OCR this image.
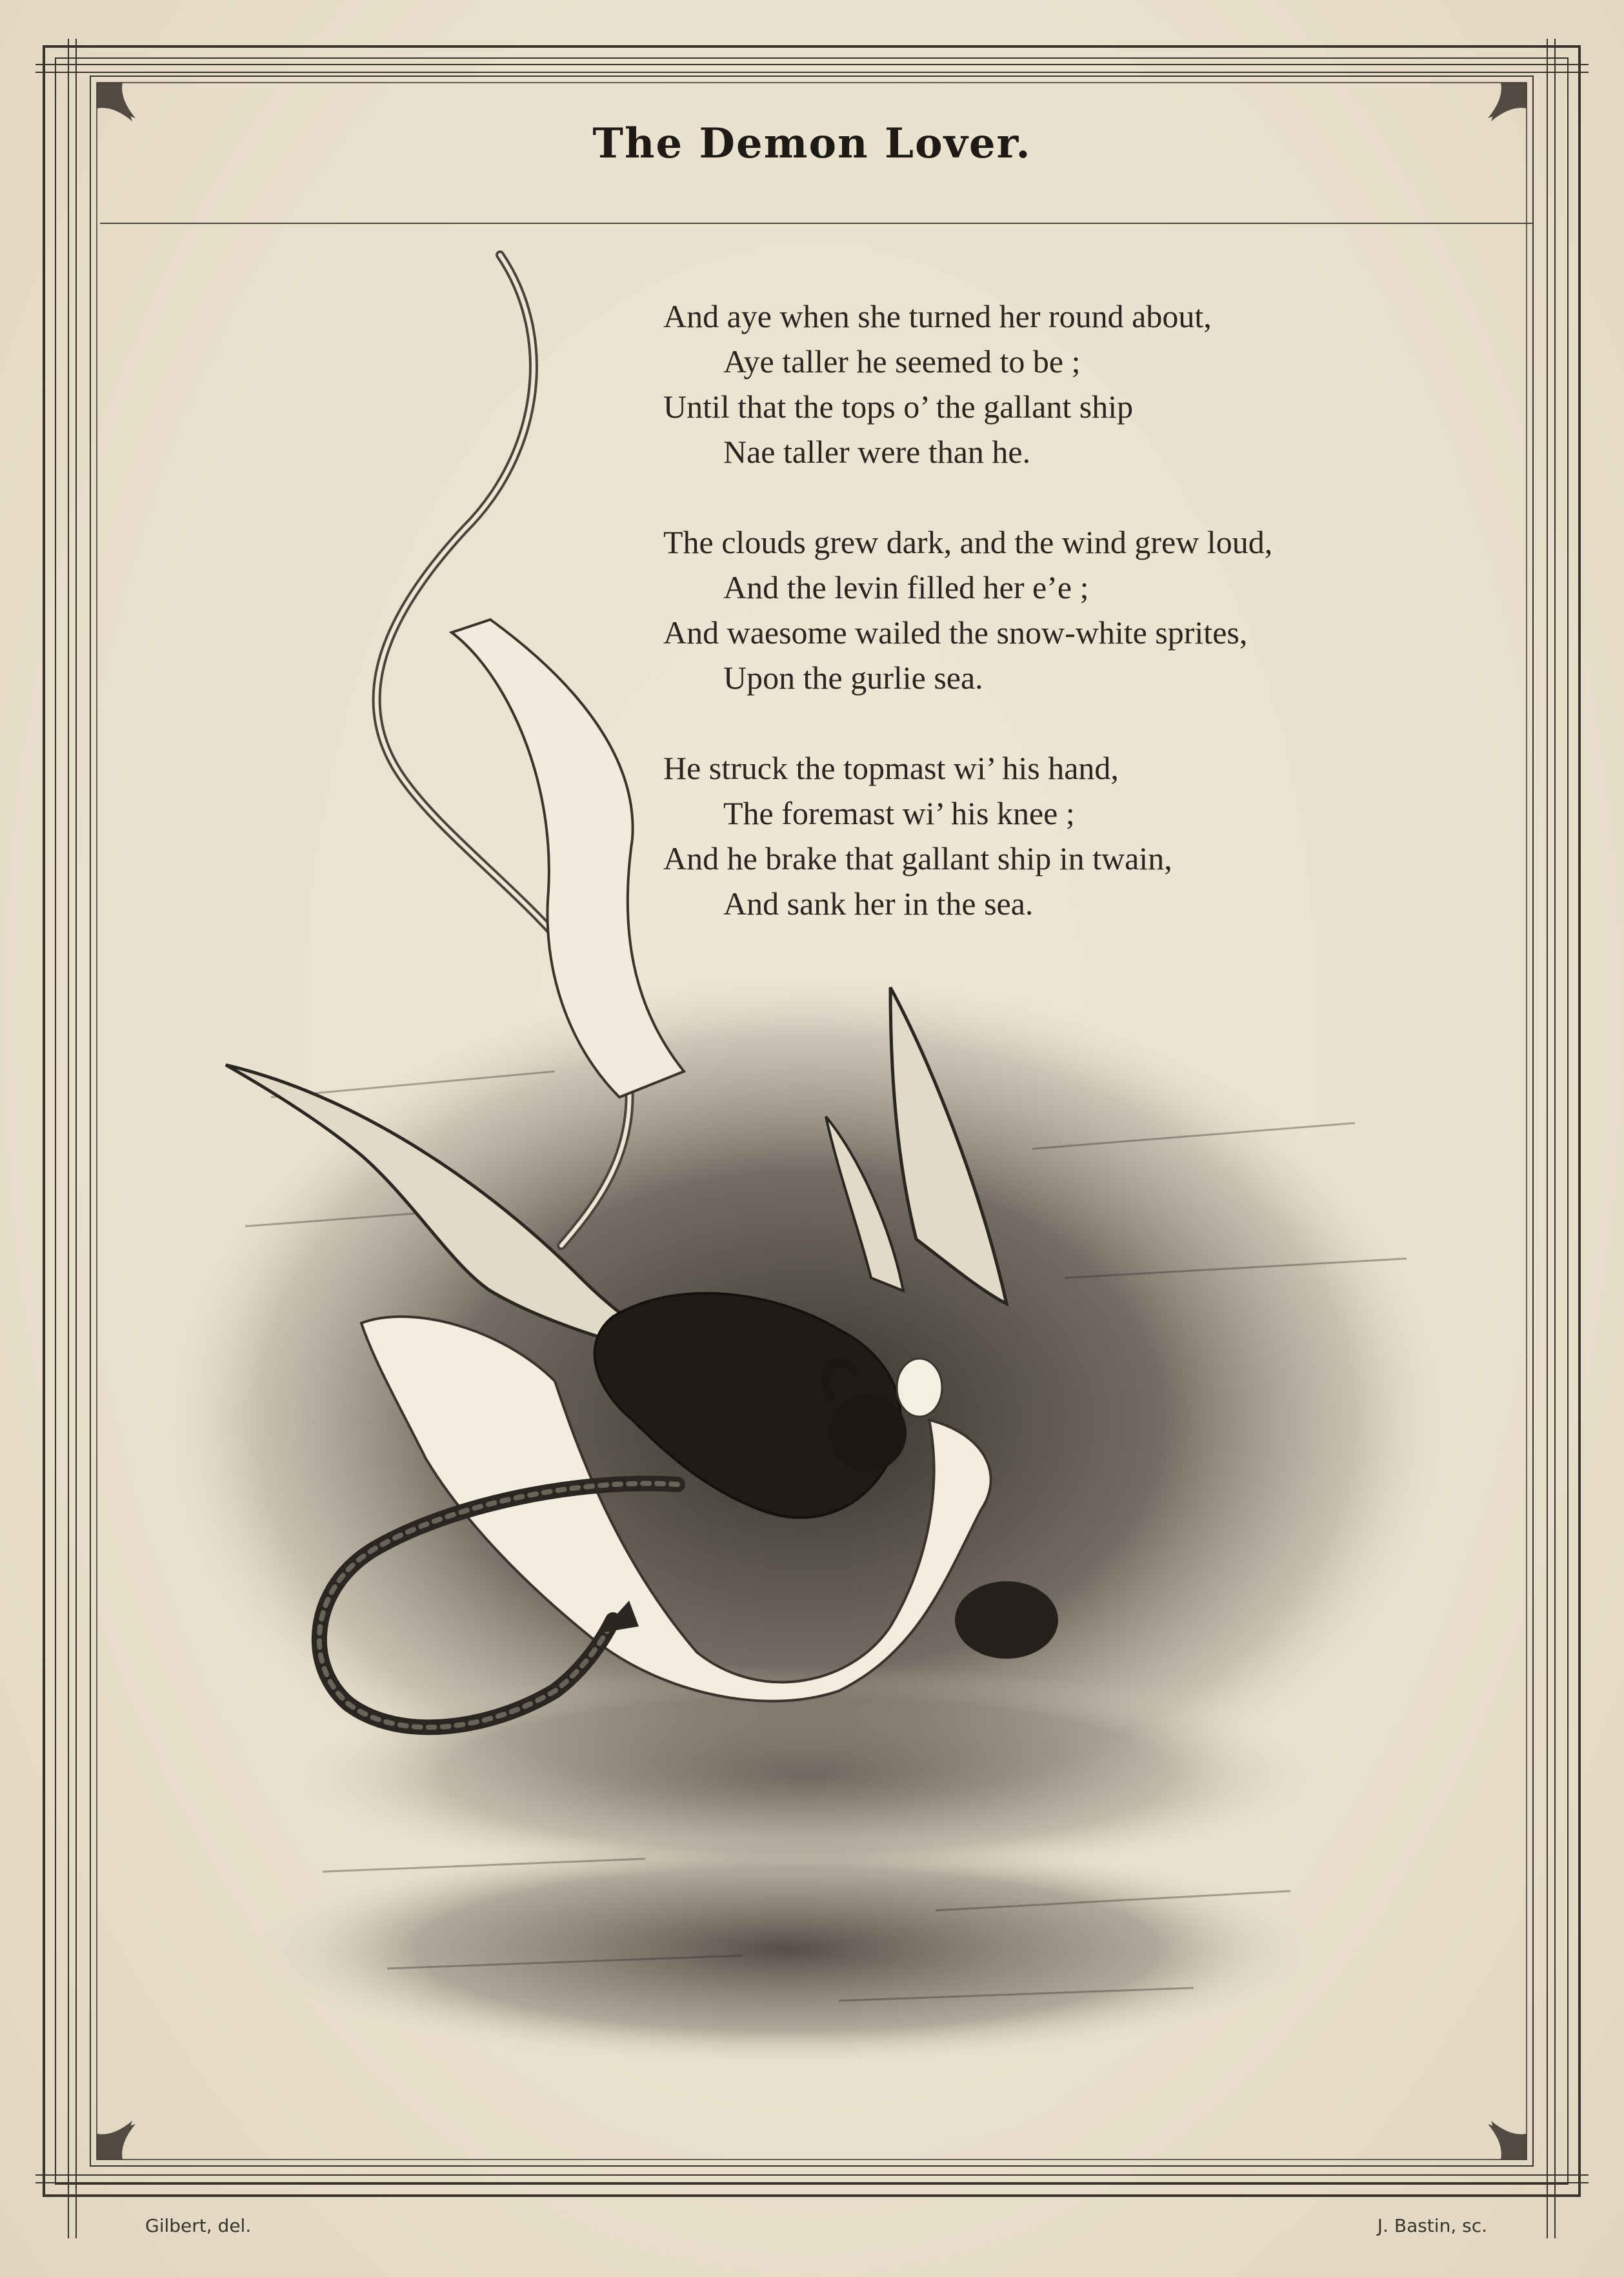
The Demon Lover.
And aye when she turned her round about,
Aye taller he seemed to be ;
Until that the tops o’ the gallant ship
Nae taller were than he.
The clouds grew dark, and the wind grew loud,
And the levin filled her e’e ;
And waesome wailed the snow-white sprites,
Upon the gurlie sea.
He struck the topmast wi’ his hand,
The foremast wi’ his knee ;
And he brake that gallant ship in twain,
And sank her in the sea.
Gilbert, del.	J. Bastin, sc.
